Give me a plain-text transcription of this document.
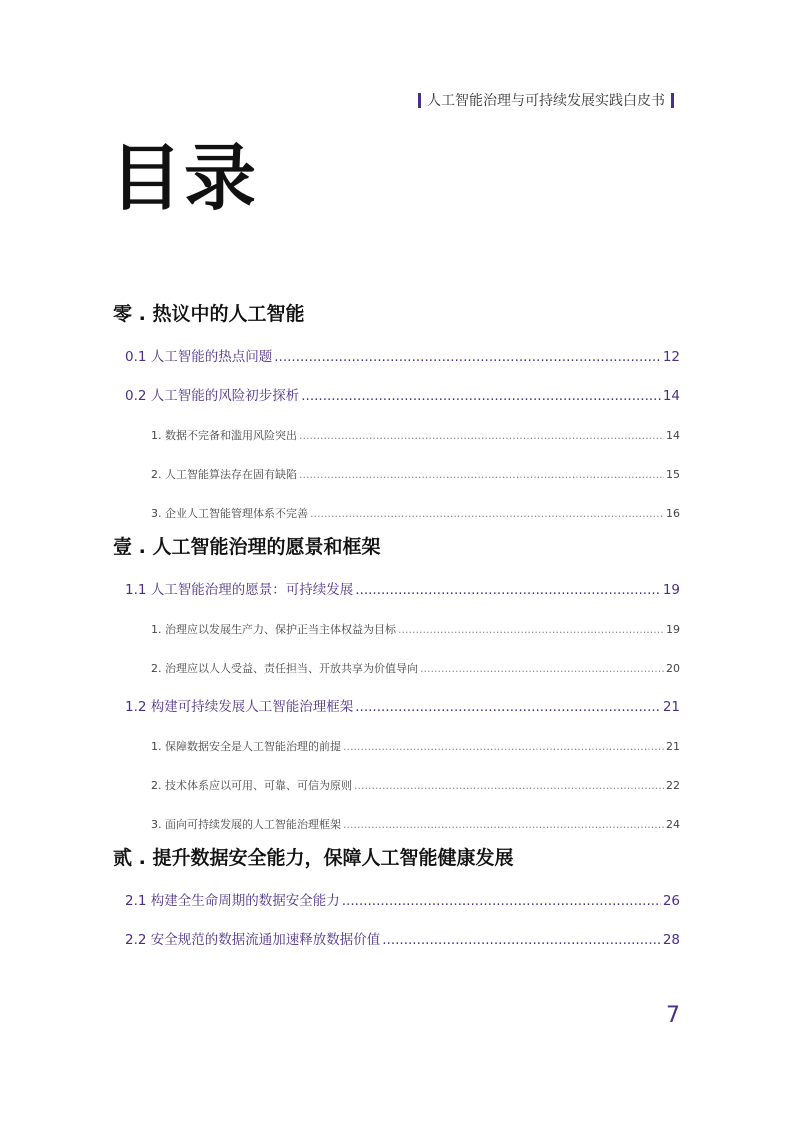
人工智能治理与可持续发展实践白皮书
目录
零 . 热议中的人工智能
0.1 人工智能的热点问题 .....	12
0.2 人工智能的风险初步探析 .....	14
1. 数据不完备和滥用风险突出 .....	14
2. 人工智能算法存在固有缺陷 .....	15
3. 企业人工智能管理体系不完善 .....	16
壹 . 人工智能治理的愿景和框架
1.1 人工智能治理的愿景：可持续发展 .....	19
1. 治理应以发展生产力、保护正当主体权益为目标 .....	19
2. 治理应以人人受益、责任担当、开放共享为价值导向 .....	20
1.2 构建可持续发展人工智能治理框架 .....	21
1. 保障数据安全是人工智能治理的前提 .....	21
2. 技术体系应以可用、可靠、可信为原则 .....	22
3. 面向可持续发展的人工智能治理框架 .....	24
贰 . 提升数据安全能力，保障人工智能健康发展
2.1 构建全生命周期的数据安全能力 .....	26
2.2 安全规范的数据流通加速释放数据价值 .....	28
7
